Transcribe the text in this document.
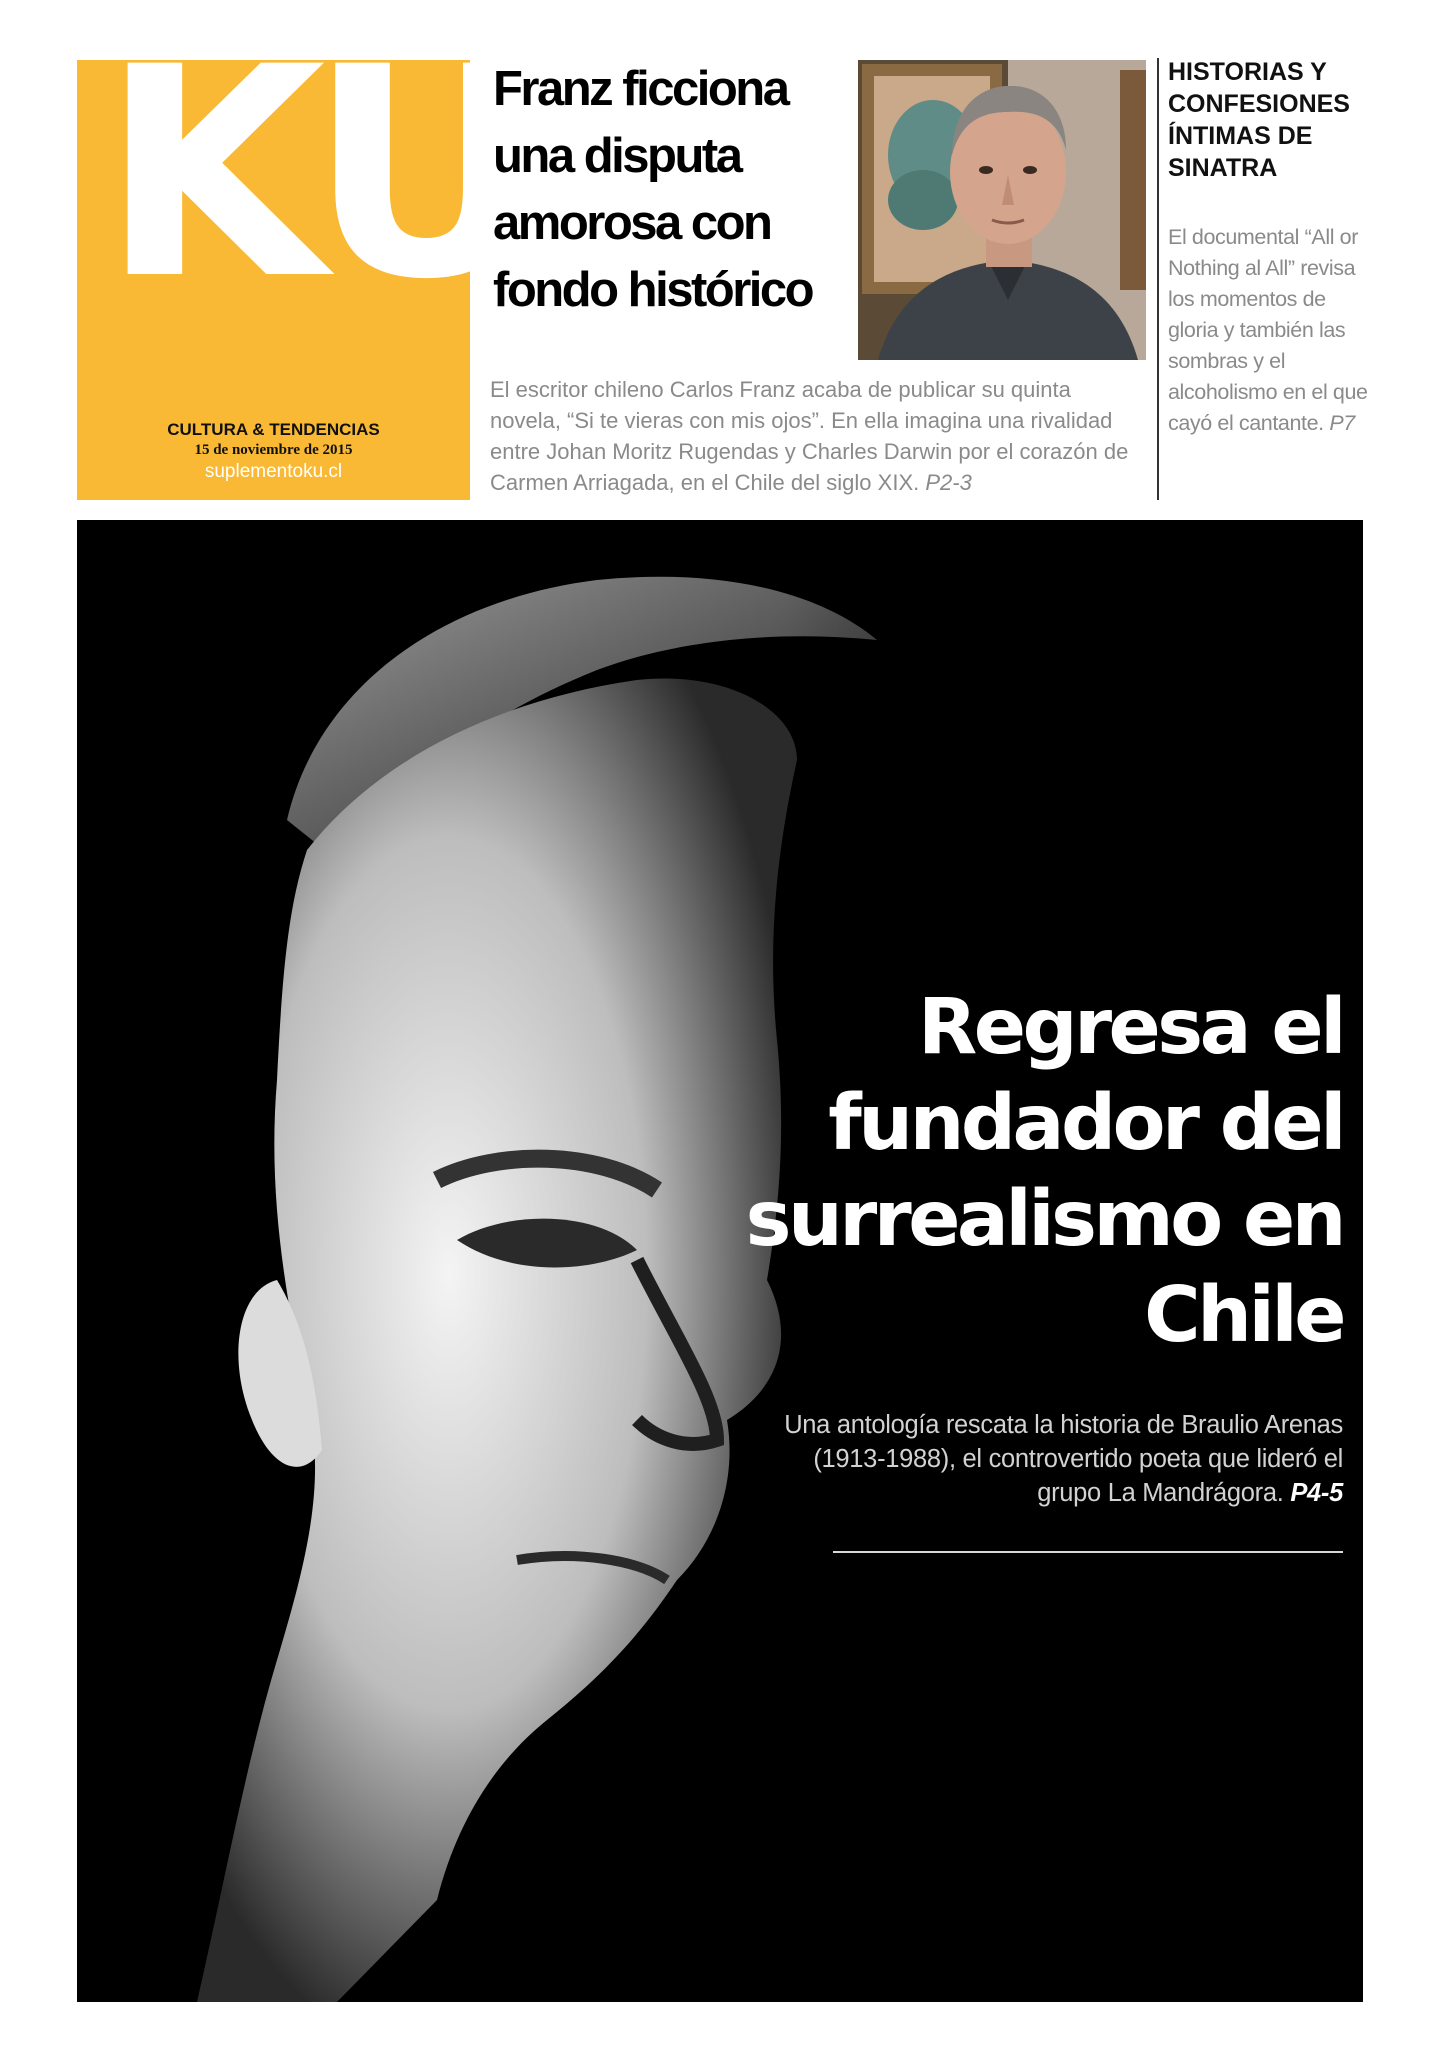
KU
CULTURA & TENDENCIAS
15 de noviembre de 2015
suplementoku.cl
Franz ficciona una disputa amorosa con fondo histórico
El escritor chileno Carlos Franz acaba de publicar su quinta novela, “Si te vieras con mis ojos”. En ella imagina una rivalidad entre Johan Moritz Rugendas y Charles Darwin por el corazón de Carmen Arriagada, en el Chile del siglo XIX. P2-3
HISTORIAS Y CONFESIONES ÍNTIMAS DE SINATRA
El documental “All or Nothing al All” revisa los momentos de gloria y también las sombras y el alcoholismo en el que cayó el cantante. P7
Regresa el fundador del surrealismo en Chile
Una antología rescata la historia de Braulio Arenas (1913-1988), el controvertido poeta que lideró el grupo La Mandrágora. P4-5
